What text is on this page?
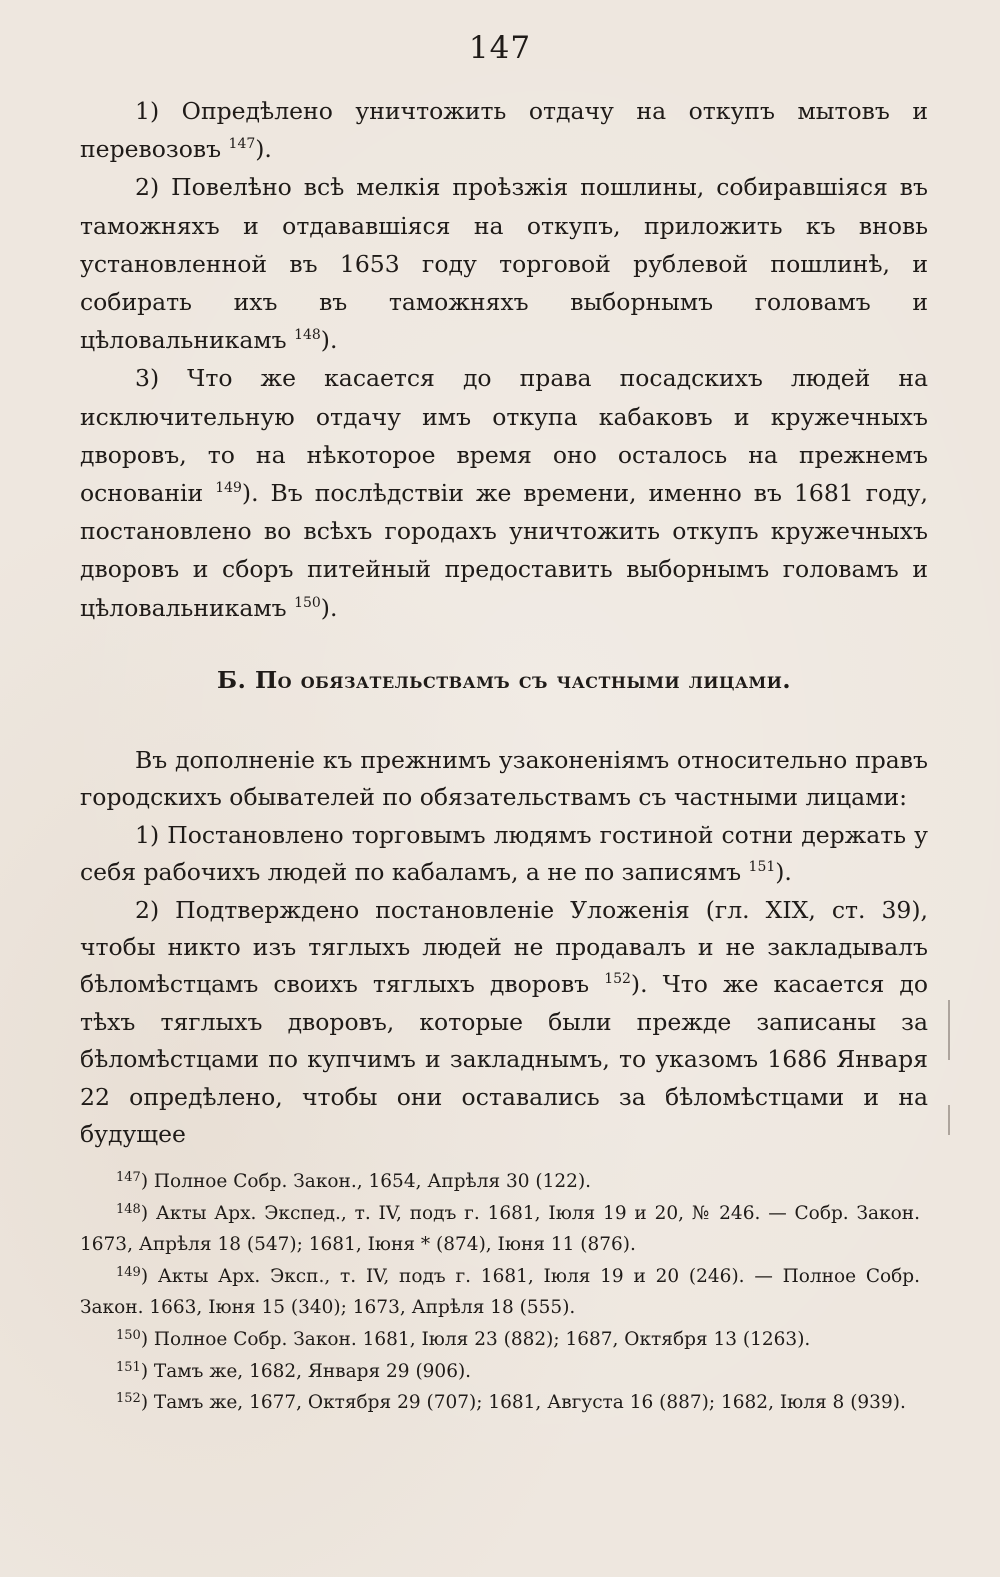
147

1) Опредѣлено уничтожить отдачу на откупъ мытовъ и перевозовъ $^{147}$).

2) Повелѣно всѣ мелкія проѣзжія пошлины, собиравшіяся въ таможняхъ и отдававшіяся на откупъ, приложить къ вновь установленной въ 1653 году торговой рублевой пошлинѣ, и собирать ихъ въ таможняхъ выборнымъ головамъ и цѣловальникамъ $^{148}$).

3) Что же касается до права посадскихъ людей на исключительную отдачу имъ откупа кабаковъ и кружечныхъ дворовъ, то на нѣкоторое время оно осталось на прежнемъ основаніи $^{149}$). Въ послѣдствіи же времени, именно въ 1681 году, постановлено во всѣхъ городахъ уничтожить откупъ кружечныхъ дворовъ и сборъ питейный предоставить выборнымъ головамъ и цѣловальникамъ $^{150}$).

Б. По обязательствамъ съ частными лицами.

Въ дополненіе къ прежнимъ узаконеніямъ относительно правъ городскихъ обывателей по обязательствамъ съ частными лицами:

1) Постановлено торговымъ людямъ гостиной сотни держать у себя рабочихъ людей по кабаламъ, а не по записямъ $^{151}$).

2) Подтверждено постановленіе Уложенія (гл. XIX, ст. 39), чтобы никто изъ тяглыхъ людей не продавалъ и не закладывалъ бѣломѣстцамъ своихъ тяглыхъ дворовъ $^{152}$). Что же касается до тѣхъ тяглыхъ дворовъ, которые были прежде записаны за бѣломѣстцами по купчимъ и закладнымъ, то указомъ 1686 Января 22 опредѣлено, чтобы они оставались за бѣломѣстцами и на будущее

$^{147}$) Полное Собр. Закон., 1654, Апрѣля 30 (122).

$^{148}$) Акты Арх. Экспед., т. IV, подъ г. 1681, Іюля 19 и 20, № 246. — Собр. Закон. 1673, Апрѣля 18 (547); 1681, Іюня * (874), Іюня 11 (876).

$^{149}$) Акты Арх. Эксп., т. IV, подъ г. 1681, Іюля 19 и 20 (246). — Полное Собр. Закон. 1663, Іюня 15 (340); 1673, Апрѣля 18 (555).

$^{150}$) Полное Собр. Закон. 1681, Іюля 23 (882); 1687, Октября 13 (1263).

$^{151}$) Тамъ же, 1682, Января 29 (906).

$^{152}$) Тамъ же, 1677, Октября 29 (707); 1681, Августа 16 (887); 1682, Іюля 8 (939).
